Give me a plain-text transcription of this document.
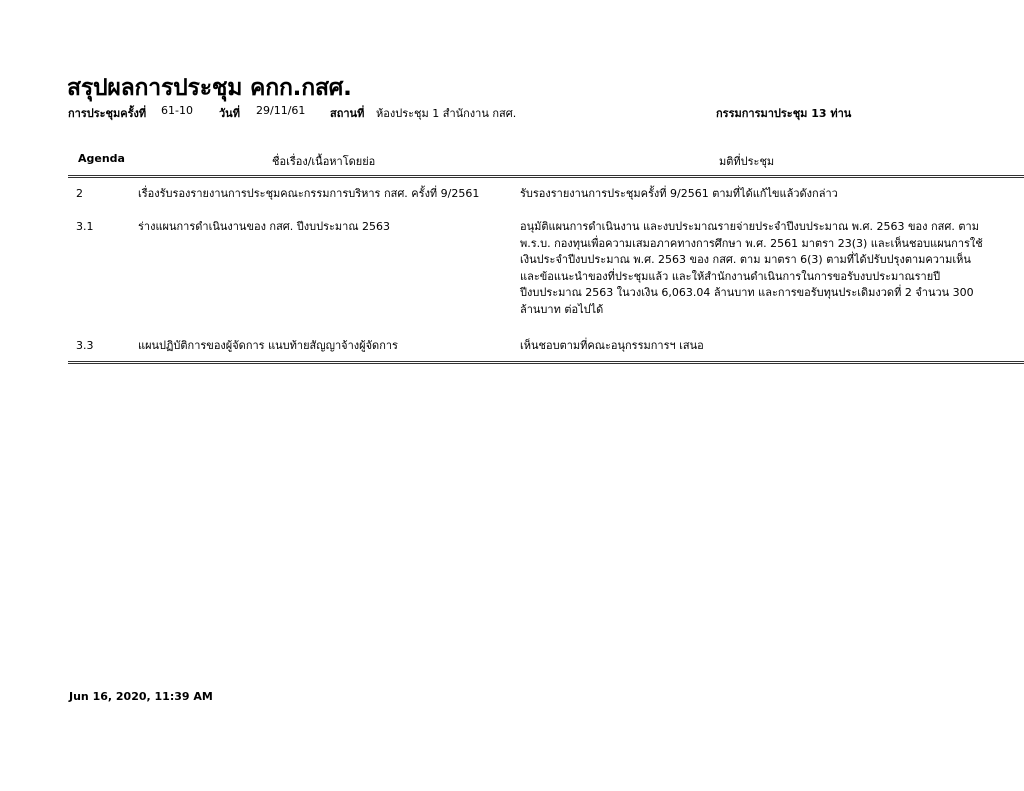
สรุปผลการประชุม คกก.กสศ.
การประชุมครั้งที่ 61-10 วันที่ 29/11/61 สถานที่ ห้องประชุม 1 สำนักงาน กสศ.	กรรมการมาประชุม 13 ท่าน
Agenda	ชื่อเรื่อง/เนื้อหาโดยย่อ	มติที่ประชุม
2	เรื่องรับรองรายงานการประชุมคณะกรรมการบริหาร กสศ. ครั้งที่ 9/2561	รับรองรายงานการประชุมครั้งที่ 9/2561 ตามที่ได้แก้ไขแล้วดังกล่าว
3.1	ร่างแผนการดำเนินงานของ กสศ. ปีงบประมาณ 2563	อนุมัติแผนการดำเนินงาน และงบประมาณรายจ่ายประจำปีงบประมาณ พ.ศ. 2563 ของ กสศ. ตาม พ.ร.บ. กองทุนเพื่อความเสมอภาคทางการศึกษา พ.ศ. 2561 มาตรา 23(3) และเห็นชอบแผนการใช้เงินประจำปีงบประมาณ พ.ศ. 2563 ของ กสศ. ตาม มาตรา 6(3) ตามที่ได้ปรับปรุงตามความเห็นและข้อแนะนำของที่ประชุมแล้ว และให้สำนักงานดำเนินการในการขอรับงบประมาณรายปี ปีงบประมาณ 2563 ในวงเงิน 6,063.04 ล้านบาท และการขอรับทุนประเดิมงวดที่ 2 จำนวน 300 ล้านบาท ต่อไปได้
3.3	แผนปฏิบัติการของผู้จัดการ แนบท้ายสัญญาจ้างผู้จัดการ	เห็นชอบตามที่คณะอนุกรรมการฯ เสนอ
Jun 16, 2020, 11:39 AM
